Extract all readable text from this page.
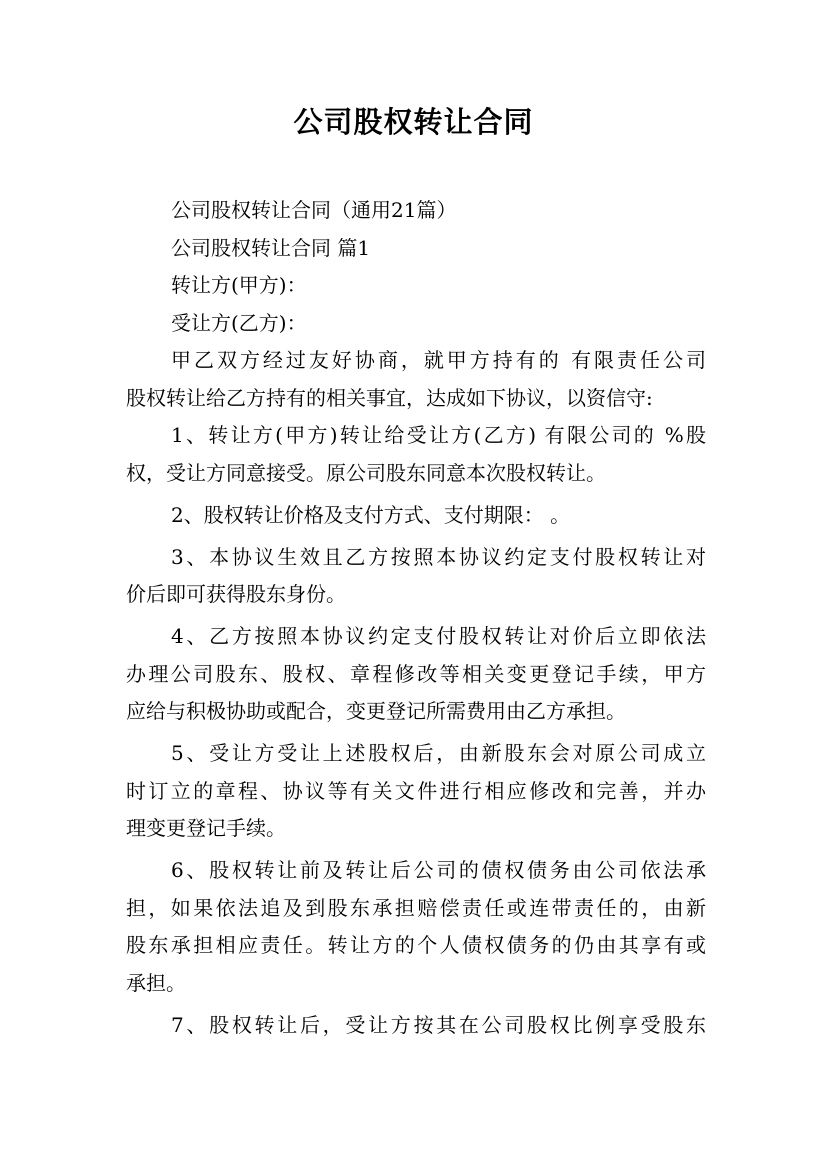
公司股权转让合同
公司股权转让合同（通用21篇）
公司股权转让合同 篇1
转让方(甲方)：
受让方(乙方)：
甲乙双方经过友好协商，就甲方持有的 有限责任公司
股权转让给乙方持有的相关事宜，达成如下协议，以资信守:
1、转让方(甲方)转让给受让方(乙方) 有限公司的 %股
权，受让方同意接受。原公司股东同意本次股权转让。
2、股权转让价格及支付方式、支付期限： 。
3、本协议生效且乙方按照本协议约定支付股权转让对
价后即可获得股东身份。
4、乙方按照本协议约定支付股权转让对价后立即依法
办理公司股东、股权、章程修改等相关变更登记手续，甲方
应给与积极协助或配合，变更登记所需费用由乙方承担。
5、受让方受让上述股权后，由新股东会对原公司成立
时订立的章程、协议等有关文件进行相应修改和完善，并办
理变更登记手续。
6、股权转让前及转让后公司的债权债务由公司依法承
担，如果依法追及到股东承担赔偿责任或连带责任的，由新
股东承担相应责任。转让方的个人债权债务的仍由其享有或
承担。
7、股权转让后，受让方按其在公司股权比例享受股东
